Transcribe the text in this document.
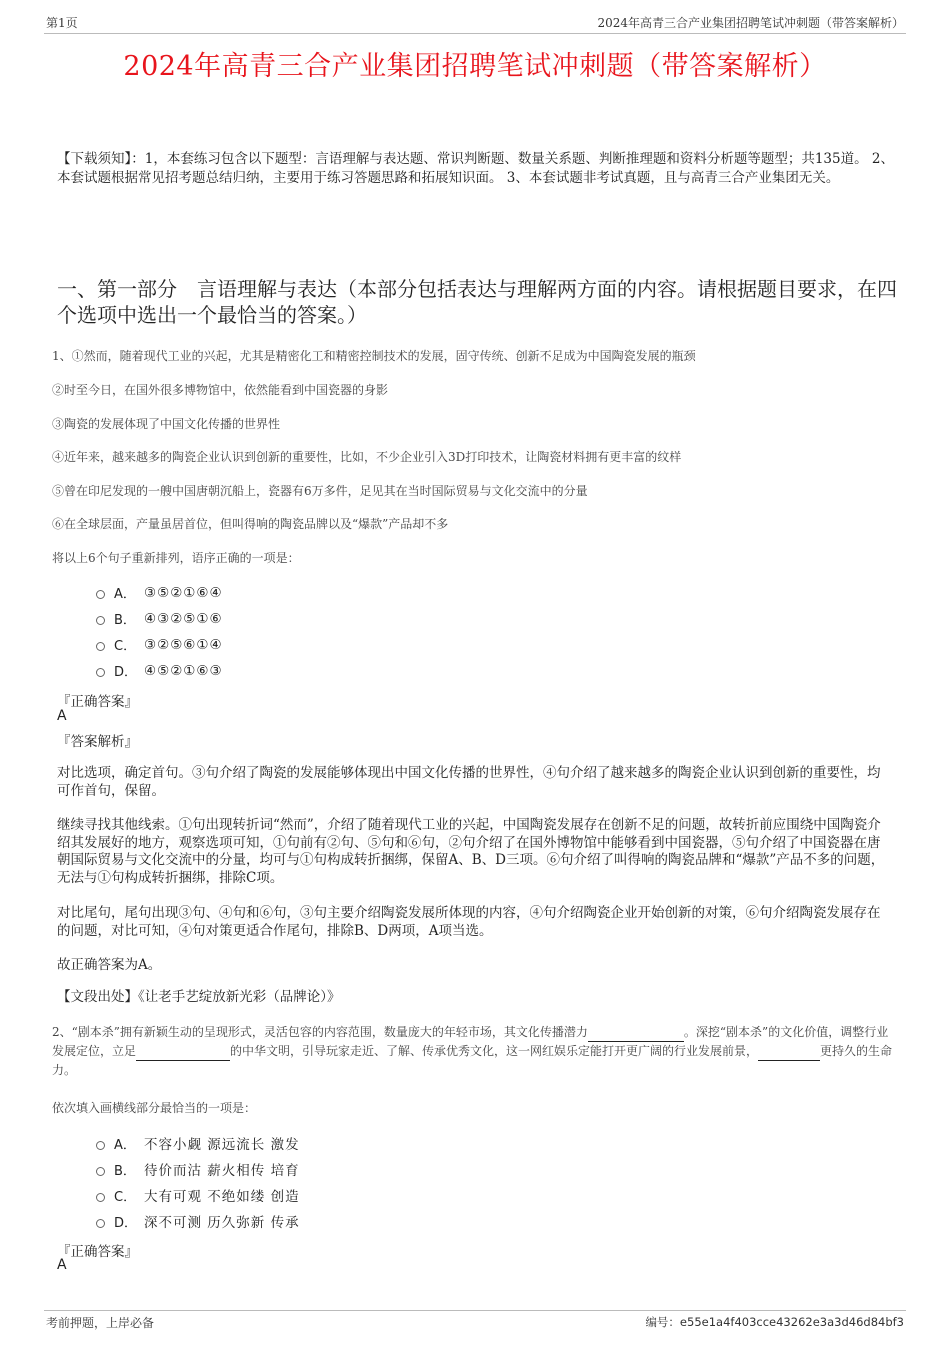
第1页	2024年高青三合产业集团招聘笔试冲刺题（带答案解析）
2024年高青三合产业集团招聘笔试冲刺题（带答案解析）
【下载须知】：1，本套练习包含以下题型：言语理解与表达题、常识判断题、数量关系题、判断推理题和资料分析题等题型；共135道。 2、本套试题根据常见招考题总结归纳，主要用于练习答题思路和拓展知识面。 3、本套试题非考试真题，且与高青三合产业集团无关。
一、第一部分　言语理解与表达（本部分包括表达与理解两方面的内容。请根据题目要求，在四个选项中选出一个最恰当的答案。）
1、①然而，随着现代工业的兴起，尤其是精密化工和精密控制技术的发展，固守传统、创新不足成为中国陶瓷发展的瓶颈
②时至今日，在国外很多博物馆中，依然能看到中国瓷器的身影
③陶瓷的发展体现了中国文化传播的世界性
④近年来，越来越多的陶瓷企业认识到创新的重要性，比如，不少企业引入3D打印技术，让陶瓷材料拥有更丰富的纹样
⑤曾在印尼发现的一艘中国唐朝沉船上，瓷器有6万多件，足见其在当时国际贸易与文化交流中的分量
⑥在全球层面，产量虽居首位，但叫得响的陶瓷品牌以及“爆款”产品却不多
将以上6个句子重新排列，语序正确的一项是：
A． ③⑤②①⑥④
B． ④③②⑤①⑥
C． ③②⑤⑥①④
D． ④⑤②①⑥③
『正确答案』
A
『答案解析』
对比选项，确定首句。③句介绍了陶瓷的发展能够体现出中国文化传播的世界性，④句介绍了越来越多的陶瓷企业认识到创新的重要性，均可作首句，保留。
继续寻找其他线索。①句出现转折词“然而”，介绍了随着现代工业的兴起，中国陶瓷发展存在创新不足的问题，故转折前应围绕中国陶瓷介绍其发展好的地方，观察选项可知，①句前有②句、⑤句和⑥句，②句介绍了在国外博物馆中能够看到中国瓷器，⑤句介绍了中国瓷器在唐朝国际贸易与文化交流中的分量，均可与①句构成转折捆绑，保留A、B、D三项。⑥句介绍了叫得响的陶瓷品牌和“爆款”产品不多的问题，无法与①句构成转折捆绑，排除C项。
对比尾句，尾句出现③句、④句和⑥句，③句主要介绍陶瓷发展所体现的内容，④句介绍陶瓷企业开始创新的对策，⑥句介绍陶瓷发展存在的问题，对比可知，④句对策更适合作尾句，排除B、D两项，A项当选。
故正确答案为A。
【文段出处】《让老手艺绽放新光彩（品牌论）》
2、“剧本杀”拥有新颖生动的呈现形式，灵活包容的内容范围，数量庞大的年轻市场，其文化传播潜力	。深挖“剧本杀”的文化价值，调整行业发展定位，立足	的中华文明，引导玩家走近、了解、传承优秀文化，这一网红娱乐定能打开更广阔的行业发展前景，	更持久的生命力。
依次填入画横线部分最恰当的一项是：
A． 不容小觑 源远流长 激发
B． 待价而沽 薪火相传 培育
C． 大有可观 不绝如缕 创造
D． 深不可测 历久弥新 传承
『正确答案』
A
考前押题，上岸必备	编号：e55e1a4f403cce43262e3a3d46d84bf3
